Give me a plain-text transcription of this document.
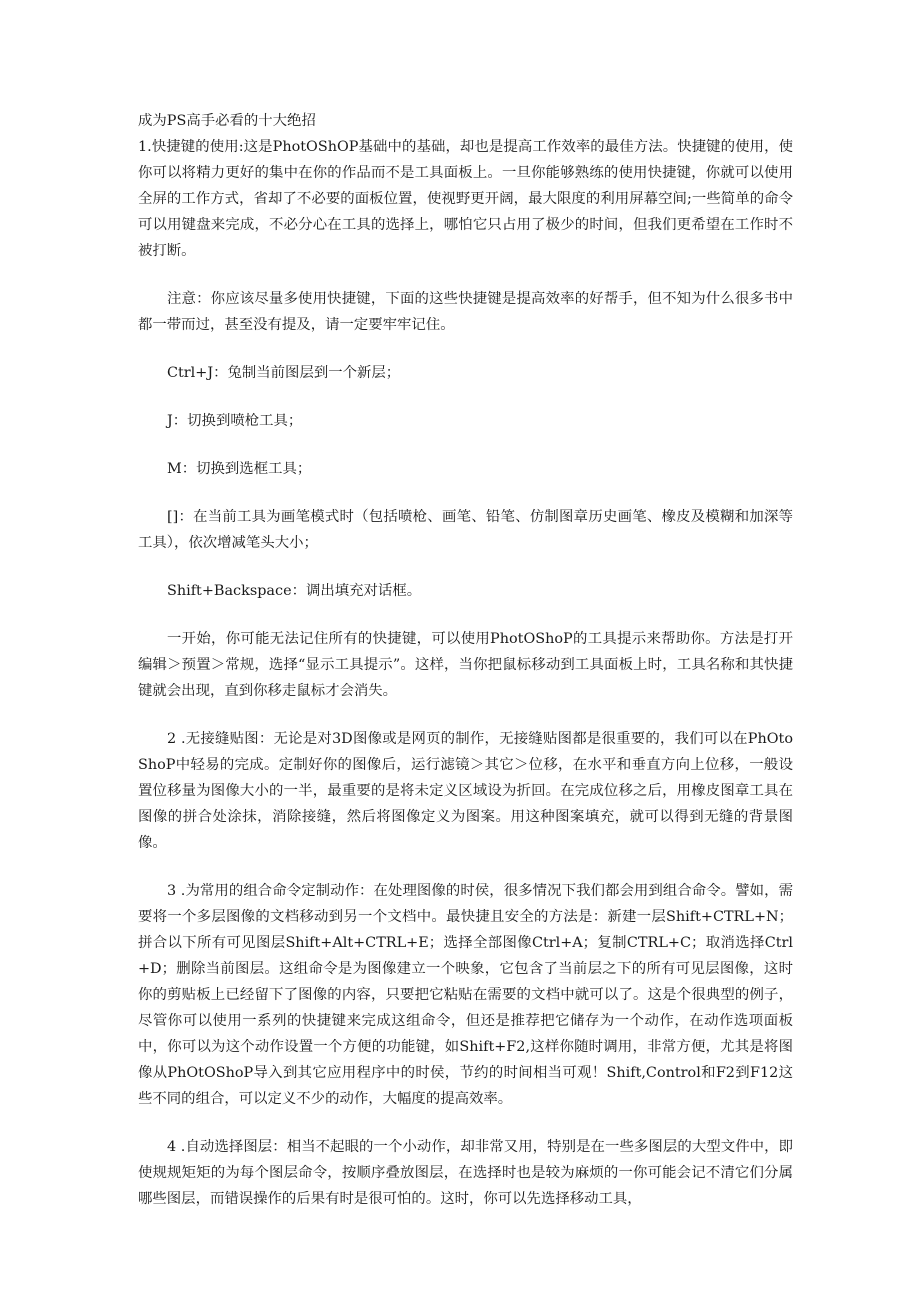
成为PS高手必看的十大绝招

1.快捷键的使用:这是PhotOShOP基础中的基础，却也是提高工作效率的最佳方法。快捷键的使用，使你可以将精力更好的集中在你的作品而不是工具面板上。一旦你能够熟练的使用快捷键，你就可以使用全屏的工作方式，省却了不必要的面板位置，使视野更开阔，最大限度的利用屏幕空间;一些简单的命令可以用键盘来完成，不必分心在工具的选择上，哪怕它只占用了极少的时间，但我们更希望在工作时不被打断。

注意：你应该尽量多使用快捷键，下面的这些快捷键是提高效率的好帮手，但不知为什么很多书中都一带而过，甚至没有提及，请一定要牢牢记住。

Ctrl+J：兔制当前图层到一个新层；

J：切换到喷枪工具；

M：切换到选框工具；

[]：在当前工具为画笔模式时（包括喷枪、画笔、铅笔、仿制图章历史画笔、橡皮及模糊和加深等工具），依次增减笔头大小；

Shift+Backspace：调出填充对话框。

一开始，你可能无法记住所有的快捷键，可以使用PhotOShoP的工具提示来帮助你。方法是打开编辑＞预置＞常规，选择“显示工具提示”。这样，当你把鼠标移动到工具面板上时，工具名称和其快捷键就会出现，直到你移走鼠标才会消失。

2 .无接缝贴图：无论是对3D图像或是网页的制作，无接缝贴图都是很重要的，我们可以在PhOtoShoP中轻易的完成。定制好你的图像后，运行滤镜＞其它＞位移，在水平和垂直方向上位移，一般设置位移量为图像大小的一半，最重要的是将未定义区域设为折回。在完成位移之后，用橡皮图章工具在图像的拼合处涂抹，消除接缝，然后将图像定义为图案。用这种图案填充，就可以得到无缝的背景图像。

3 .为常用的组合命令定制动作：在处理图像的时侯，很多情况下我们都会用到组合命令。譬如，需要将一个多层图像的文档移动到另一个文档中。最快捷且安全的方法是：新建一层Shift+CTRL+N；拼合以下所有可见图层Shift+Alt+CTRL+E；选择全部图像Ctrl+A；复制CTRL+C；取消选择Ctrl+D；删除当前图层。这组命令是为图像建立一个映象，它包含了当前层之下的所有可见层图像，这时你的剪贴板上已经留下了图像的内容，只要把它粘贴在需要的文档中就可以了。这是个很典型的例子，尽管你可以使用一系列的快捷键来完成这组命令，但还是推荐把它储存为一个动作，在动作选项面板中，你可以为这个动作设置一个方便的功能键，如Shift+F2,这样你随时调用，非常方便，尤其是将图像从PhOtOShoP导入到其它应用程序中的时侯，节约的时间相当可观！Shift,Control和F2到F12这些不同的组合，可以定义不少的动作，大幅度的提高效率。

4 .自动选择图层：相当不起眼的一个小动作，却非常又用，特别是在一些多图层的大型文件中，即使规规矩矩的为每个图层命令，按顺序叠放图层，在选择时也是较为麻烦的一你可能会记不清它们分属哪些图层，而错误操作的后果有时是很可怕的。这时，你可以先选择移动工具，
